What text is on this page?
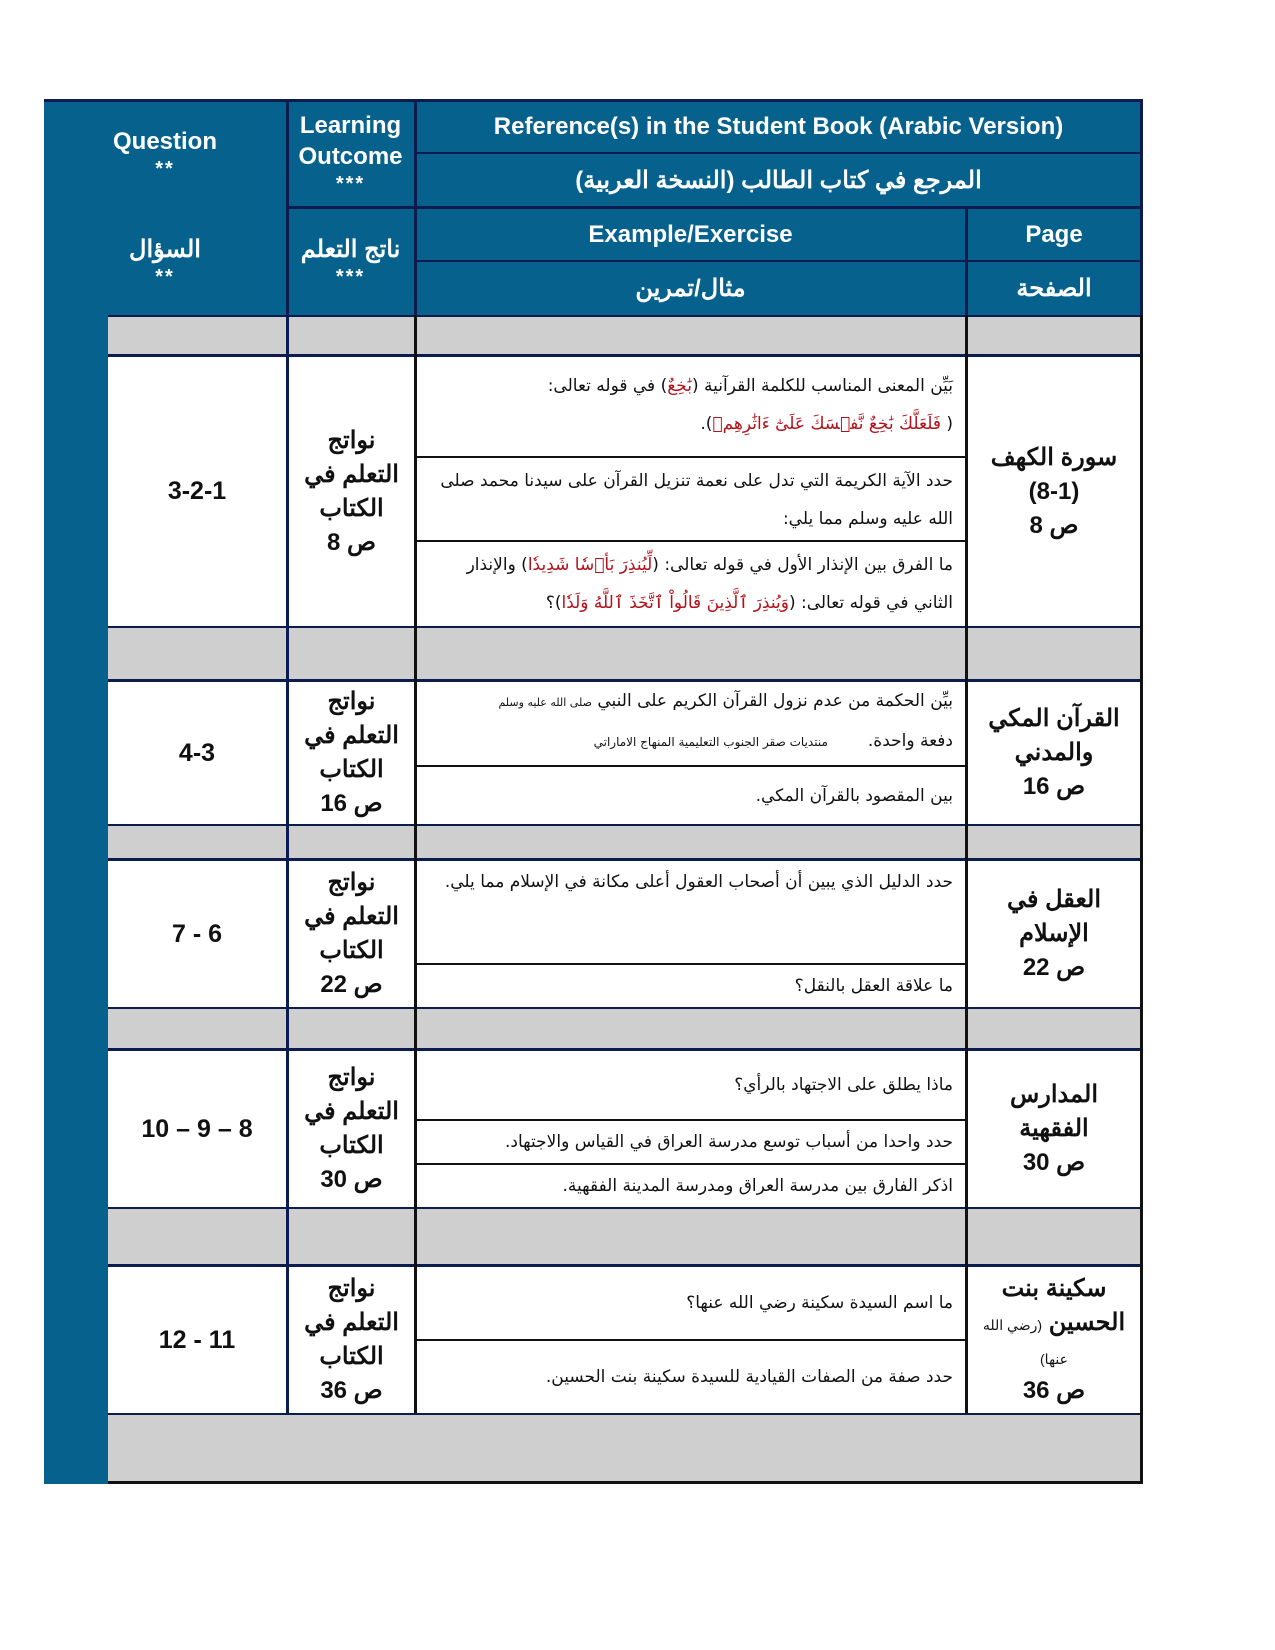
Question
**
السؤال
**
Learning
Outcome
***
ناتج التعلم
***
Reference(s) in the Student Book (Arabic Version)
المرجع في كتاب الطالب (النسخة العربية)
Example/Exercise
مثال/تمرين
Page
الصفحة
3-2-1
نواتج
التعلم في
الكتاب
ص 8
بَيِّن المعنى المناسب للكلمة القرآنية (بَٰخِعٌ) في قوله تعالى:
( فَلَعَلَّكَ بَٰخِعٌ نَّفۡسَكَ عَلَىٰٓ ءَاثَٰرِهِمۡ).
حدد الآية الكريمة التي تدل على نعمة تنزيل القرآن على سيدنا محمد صلى الله عليه وسلم مما يلي:
ما الفرق بين الإنذار الأول في قوله تعالى: (لِّيُنذِرَ بَأۡسٗا شَدِيدٗا) والإنذار الثاني في قوله تعالى: (وَيُنذِرَ ٱلَّذِينَ قَالُواْ ٱتَّخَذَ ٱللَّهُ وَلَدٗا)؟
سورة الكهف
(8-1)
ص 8
4-3
نواتج
التعلم في
الكتاب
ص 16
بيِّن الحكمة من عدم نزول القرآن الكريم على النبي صلى الله عليه وسلم
دفعة واحدة.منتديات صقر الجنوب التعليمية المنهاج الاماراتي
بين المقصود بالقرآن المكي.
القرآن المكي
والمدني
ص 16
7 - 6
نواتج
التعلم في
الكتاب
ص 22
حدد الدليل الذي يبين أن أصحاب العقول أعلى مكانة في الإسلام مما يلي.
ما علاقة العقل بالنقل؟
العقل في
الإسلام
ص 22
10 – 9 – 8
نواتج
التعلم في
الكتاب
ص 30
ماذا يطلق على الاجتهاد بالرأي؟
حدد واحدا من أسباب توسع مدرسة العراق في القياس والاجتهاد.
اذكر الفارق بين مدرسة العراق ومدرسة المدينة الفقهية.
المدارس
الفقهية
ص 30
12 - 11
نواتج
التعلم في
الكتاب
ص 36
ما اسم السيدة سكينة رضي الله عنها؟
حدد صفة من الصفات القيادية للسيدة سكينة بنت الحسين.
سكينة بنت
الحسين (رضي الله عنها)
ص 36
